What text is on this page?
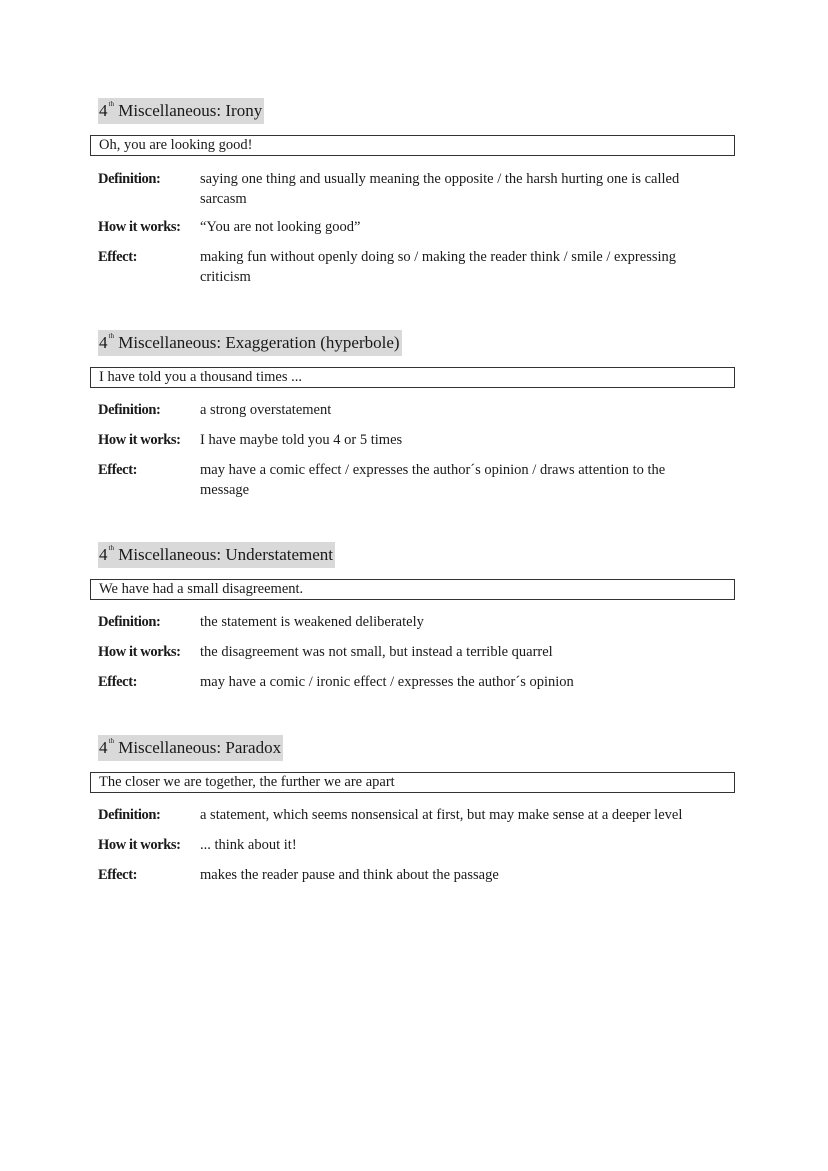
4th Miscellaneous: Irony
Oh, you are looking good!
Definition:	saying one thing and usually meaning the opposite / the harsh hurting one is called sarcasm
How it works: “You are not looking good”
Effect:	making fun without openly doing so / making the reader think / smile / expressing criticism
4th Miscellaneous: Exaggeration (hyperbole)
I have told you a thousand times ...
Definition:	a strong overstatement
How it works: I have maybe told you 4 or 5 times
Effect:	may have a comic effect / expresses the author´s opinion / draws attention to the message
4th Miscellaneous: Understatement
We have had a small disagreement.
Definition:	the statement is weakened deliberately
How it works: the disagreement was not small, but instead a terrible quarrel
Effect:	may have a comic / ironic effect / expresses the author´s opinion
4th Miscellaneous: Paradox
The closer we are together, the further we are apart
Definition:	a statement, which seems nonsensical at first, but may make sense at a deeper level
How it works: ... think about it!
Effect:	makes the reader pause and think about the passage
